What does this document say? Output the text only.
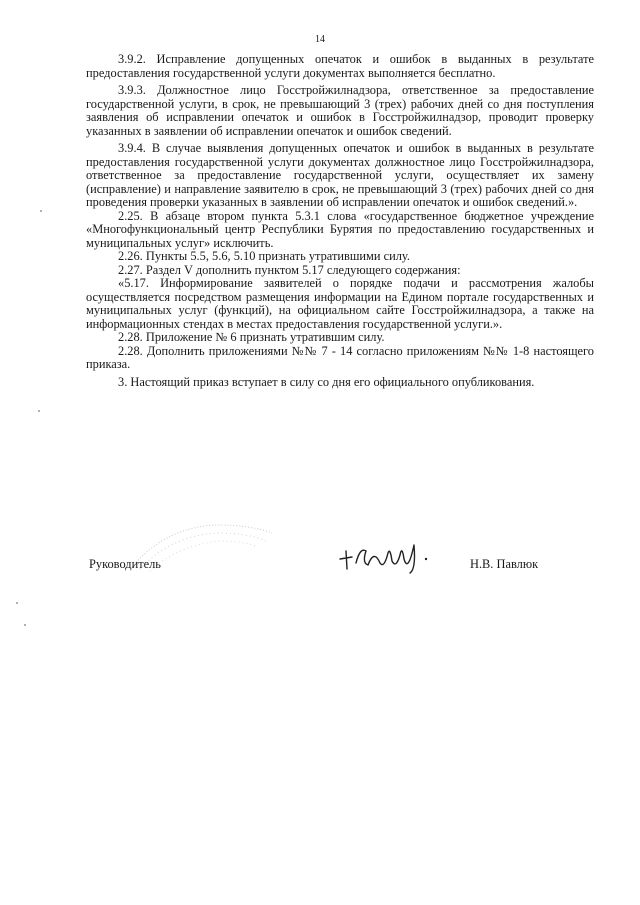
14

3.9.2. Исправление допущенных опечаток и ошибок в выданных в результате предоставления государственной услуги документах выполняется бесплатно.

3.9.3. Должностное лицо Госстройжилнадзора, ответственное за предоставление государственной услуги, в срок, не превышающий 3 (трех) рабочих дней со дня поступления заявления об исправлении опечаток и ошибок в Госстройжилнадзор, проводит проверку указанных в заявлении об исправлении опечаток и ошибок сведений.

3.9.4. В случае выявления допущенных опечаток и ошибок в выданных в результате предоставления государственной услуги документах должностное лицо Госстройжилнадзора, ответственное за предоставление государственной услуги, осуществляет их замену (исправление) и направление заявителю в срок, не превышающий 3 (трех) рабочих дней со дня проведения проверки указанных в заявлении об исправлении опечаток и ошибок сведений.».

2.25. В абзаце втором пункта 5.3.1 слова «государственное бюджетное учреждение «Многофункциональный центр Республики Бурятия по предоставлению государственных и муниципальных услуг» исключить.

2.26. Пункты 5.5, 5.6, 5.10 признать утратившими силу.

2.27. Раздел V дополнить пунктом 5.17 следующего содержания:

«5.17. Информирование заявителей о порядке подачи и рассмотрения жалобы осуществляется посредством размещения информации на Едином портале государственных и муниципальных услуг (функций), на официальном сайте Госстройжилнадзора, а также на информационных стендах в местах предоставления государственной услуги.».

2.28. Приложение № 6 признать утратившим силу.

2.28. Дополнить приложениями №№ 7 - 14 согласно приложениям №№ 1-8 настоящего приказа.

3. Настоящий приказ вступает в силу со дня его официального опубликования.

Руководитель	Н.В. Павлюк
